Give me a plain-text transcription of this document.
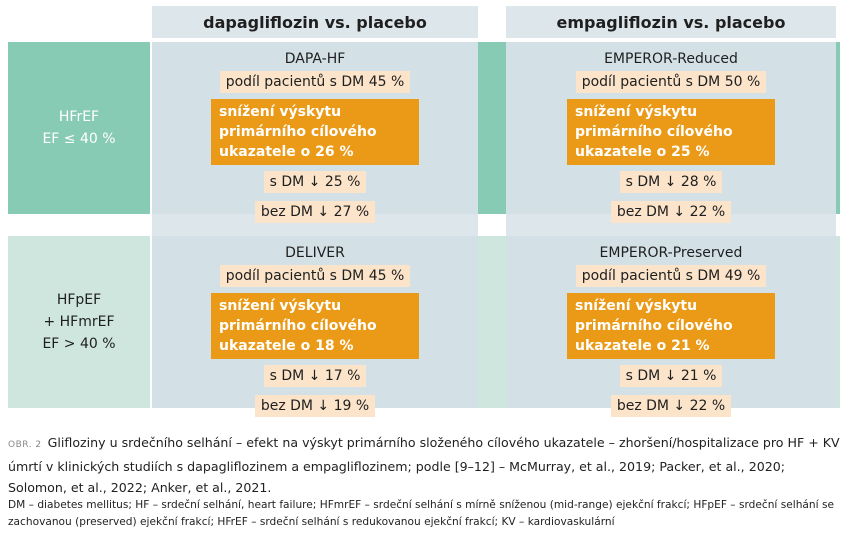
dapagliflozin vs. placebo	empagliflozin vs. placebo
HFrEF
EF ≤ 40 %
HFpEF
+ HFmrEF
EF > 40 %
DAPA-HF
podíl pacientů s DM 45 %
snížení výskytu primárního cílového ukazatele o 26 %
s DM ↓ 25 %
bez DM ↓ 27 %
EMPEROR-Reduced
podíl pacientů s DM 50 %
snížení výskytu primárního cílového ukazatele o 25 %
s DM ↓ 28 %
bez DM ↓ 22 %
DELIVER
podíl pacientů s DM 45 %
snížení výskytu primárního cílového ukazatele o 18 %
s DM ↓ 17 %
bez DM ↓ 19 %
EMPEROR-Preserved
podíl pacientů s DM 49 %
snížení výskytu primárního cílového ukazatele o 21 %
s DM ↓ 21 %
bez DM ↓ 22 %
OBR. 2 Glifloziny u srdečního selhání – efekt na výskyt primárního složeného cílového ukazatele – zhoršení/hospitalizace pro HF + KV úmrtí v klinických studiích s dapagliflozinem a empagliflozinem; podle [9–12] – McMurray, et al., 2019; Packer, et al., 2020; Solomon, et al., 2022; Anker, et al., 2021.
DM – diabetes mellitus; HF – srdeční selhání, heart failure; HFmrEF – srdeční selhání s mírně sníženou (mid-range) ejekční frakcí; HFpEF – srdeční selhání se zachovanou (preserved) ejekční frakcí; HFrEF – srdeční selhání s redukovanou ejekční frakcí; KV – kardiovaskulární
